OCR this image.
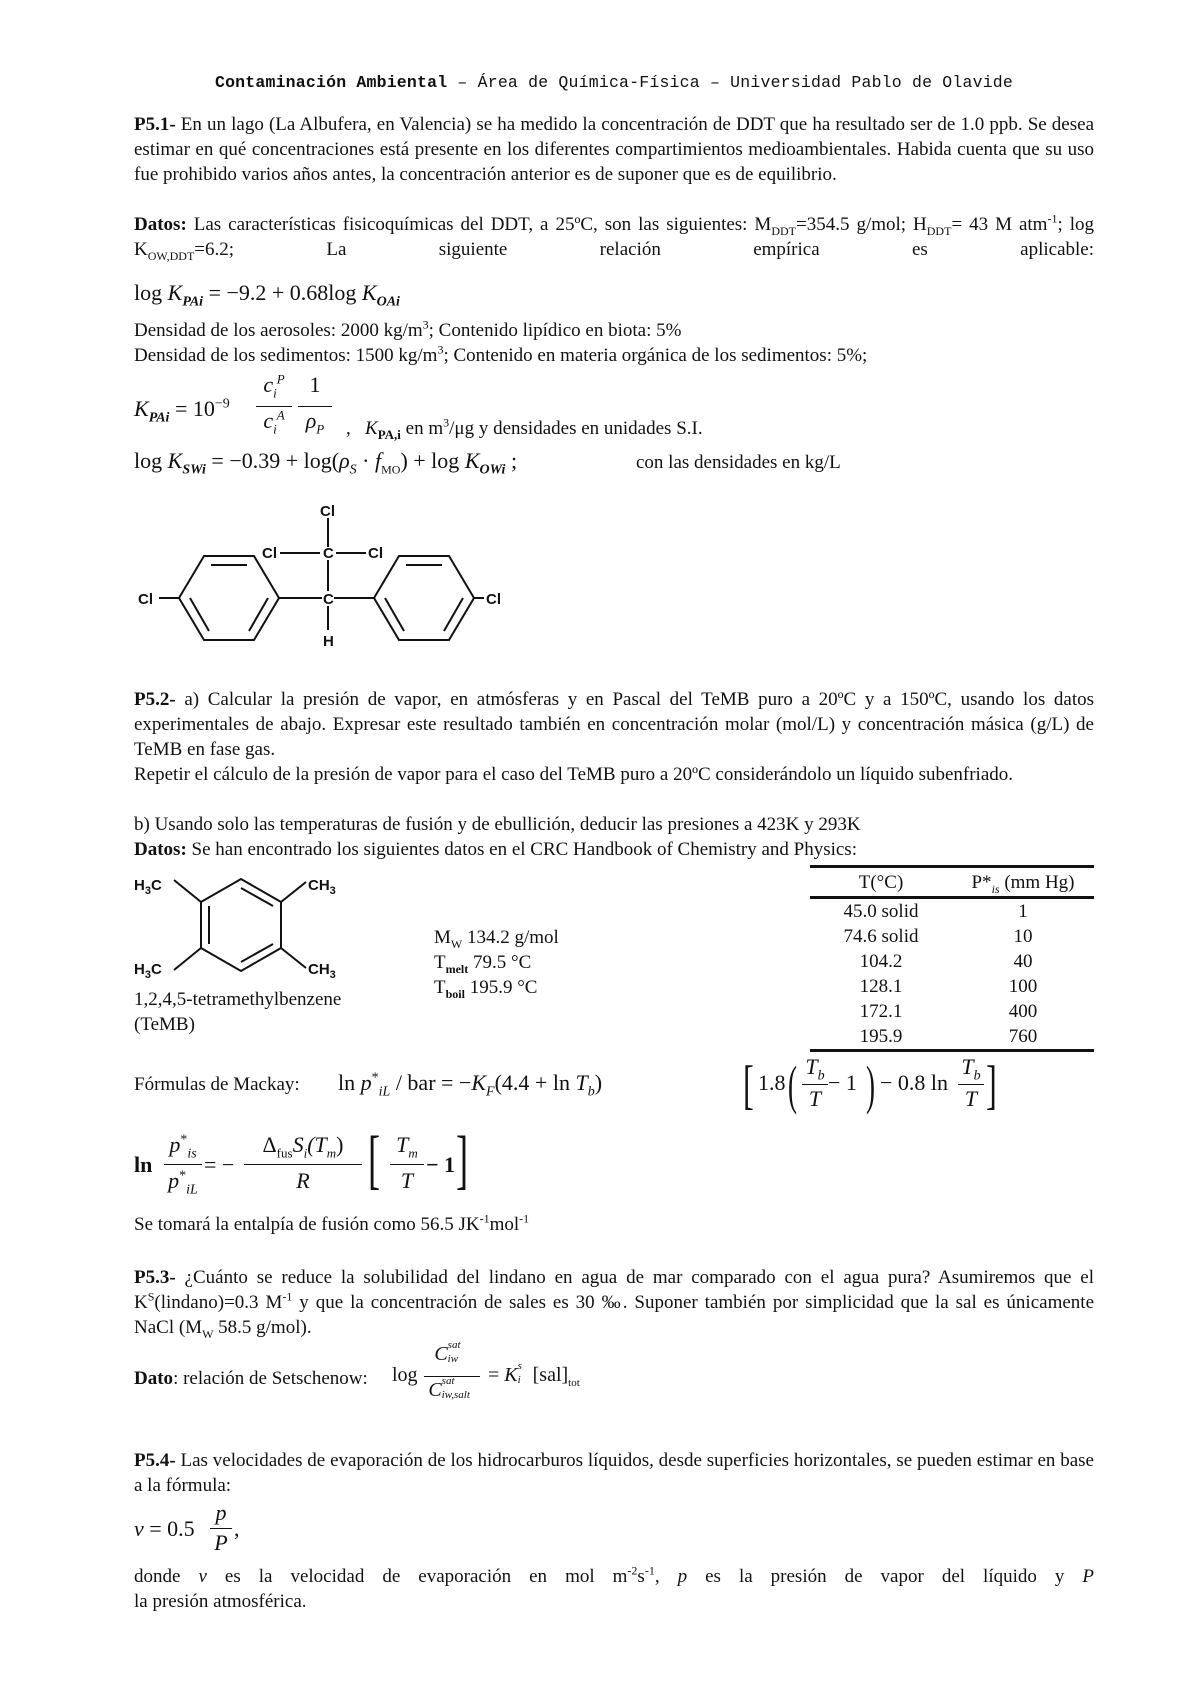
Contaminación Ambiental – Área de Química-Física – Universidad Pablo de Olavide
P5.1- En un lago (La Albufera, en Valencia) se ha medido la concentración de DDT que ha resultado ser de 1.0 ppb. Se desea estimar en qué concentraciones está presente en los diferentes compartimientos medioambientales. Habida cuenta que su uso fue prohibido varios años antes, la concentración anterior es de suponer que es de equilibrio.
Datos: Las características fisicoquímicas del DDT, a 25ºC, son las siguientes: $M_{DDT}=354.5$ g/mol; $H_{DDT}= 43$ M atm$^{-1}$; $\log K_{OW,DDT}=6.2$; La siguiente relación empírica es aplicable:
$\log K_{PAi} = -9.2 + 0.68\log$ $K_{OAi}$
Densidad de los aerosoles: 2000 $kg/m^3$; Contenido lipídico en biota: 5%
Densidad de los sedimentos: 1500 $kg/m^3$; Contenido en materia orgánica de los sedimentos: 5%;
$K_{PAi} = 10^{-9}$
$c_i^P$
$c_i^A$
1
$\rho_P$	, $K_{PA,i}$ en $m^3/\mu g$ y densidades en unidades S.I.
$\log K_{SWi} = -0.39 + \log(\rho_S \cdot f_{MO}) + \log K_{OWi}$ ;	con las densidades en kg/L
Cl
Cl	C Cl
Cl	C	Cl
H
P5.2- a) Calcular la presión de vapor, en atmósferas y en Pascal del TeMB puro a 20ºC y a 150ºC, usando los datos experimentales de abajo. Expresar este resultado también en concentración molar (mol/L) y concentración másica (g/L) de TeMB en fase gas.
Repetir el cálculo de la presión de vapor para el caso del TeMB puro a 20ºC considerándolo un líquido subenfriado.
b) Usando solo las temperaturas de fusión y de ebullición, deducir las presiones a 423K y 293K
Datos: Se han encontrado los siguientes datos en el CRC Handbook of Chemistry and Physics:
$H_3C$	$CH_3$
$H_3C$	$CH_3$
1,2,4,5-tetramethylbenzene
(TeMB)
$M_W$ 134.2 g/mol
$T_{melt}$ 79.5 °C
$T_{boil}$ 195.9 °C
T(°C)	$P*_{is}$ (mm Hg)
45.0 solid	1
74.6 solid	10
104.2	40
128.1	100
172.1	400
195.9	760
Fórmulas de Mackay: $\ln p^*_{iL}$ / bar = $-K_F(4.4 + \ln T_b)$	[ 1.8 ( $T_b$
T
− 1 ) − 0.8 ln
$T_b$
T ]
ln
$p^*_{is}$
$p^*_{iL}$
= −
$\Delta_{fus}S_i(T_m)$
R [ $T_m$
T
− 1 ]
Se tomará la entalpía de fusión como 56.5 $JK^{-1}mol^{-1}$
P5.3- ¿Cuánto se reduce la solubilidad del lindano en agua de mar comparado con el agua pura? Asumiremos que el $K^S(lindano)=0.3$ $M^{-1}$ y que la concentración de sales es 30 ‰. Suponer también por simplicidad que la sal es únicamente NaCl ($M_W$ 58.5 g/mol).
Dato: relación de Setschenow: log
C sat
iw
C sat
iw,salt
= K s
i $[sal]_{tot}$
P5.4- Las velocidades de evaporación de los hidrocarburos líquidos, desde superficies horizontales, se pueden estimar en base a la fórmula:
v = 0.5
p
P
,
donde v es la velocidad de evaporación en mol $m^{-2}s^{-1}$, p es la presión de vapor del líquido y P
la presión atmosférica.
